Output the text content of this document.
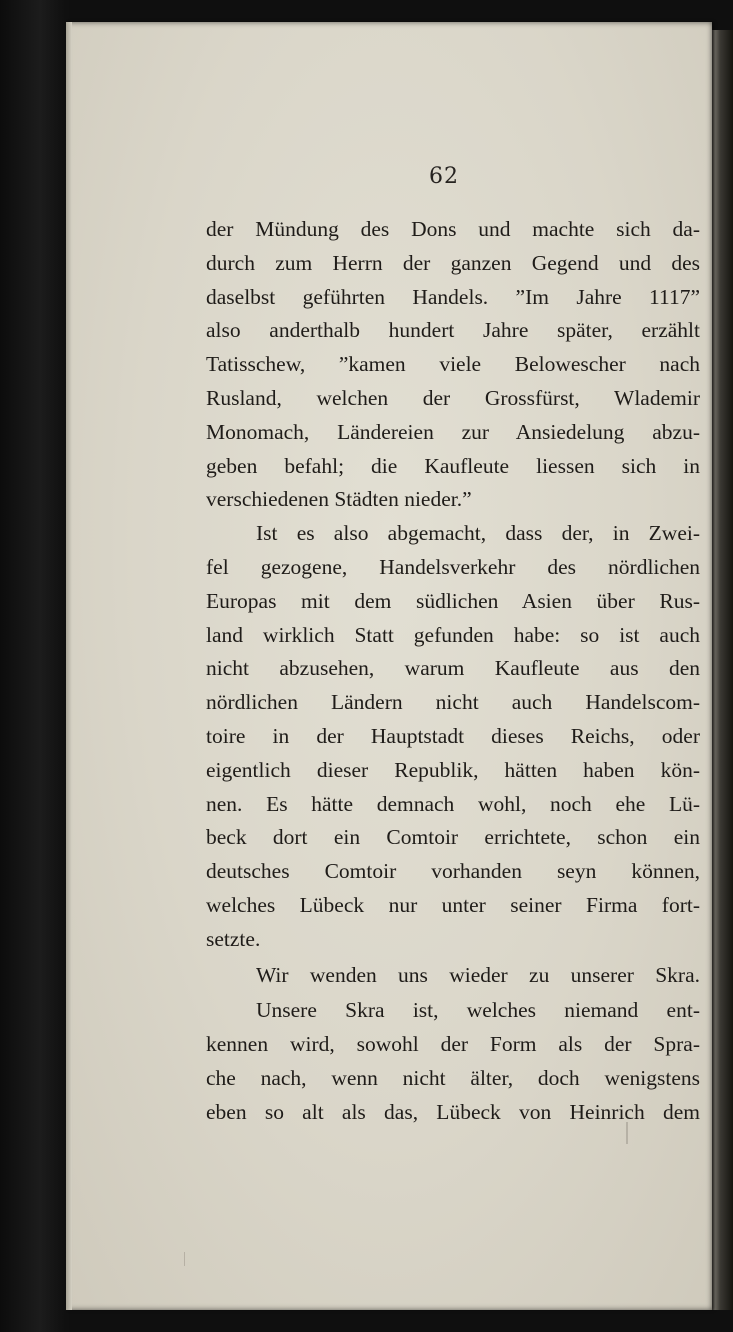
62
der Mündung des Dons und machte sich da-
durch zum Herrn der ganzen Gegend und des
daselbst geführten Handels. ”Im Jahre 1117”
also anderthalb hundert Jahre später, erzählt
Tatisschew, ”kamen viele Belowescher nach
Rusland, welchen der Grossfürst, Wlademir
Monomach, Ländereien zur Ansiedelung abzu-
geben befahl; die Kaufleute liessen sich in
verschiedenen Städten nieder.”
Ist es also abgemacht, dass der, in Zwei-
fel gezogene, Handelsverkehr des nördlichen
Europas mit dem südlichen Asien über Rus-
land wirklich Statt gefunden habe: so ist auch
nicht abzusehen, warum Kaufleute aus den
nördlichen Ländern nicht auch Handelscom-
toire in der Hauptstadt dieses Reichs, oder
eigentlich dieser Republik, hätten haben kön-
nen. Es hätte demnach wohl, noch ehe Lü-
beck dort ein Comtoir errichtete, schon ein
deutsches Comtoir vorhanden seyn können,
welches Lübeck nur unter seiner Firma fort-
setzte.
Wir wenden uns wieder zu unserer Skra.
Unsere Skra ist, welches niemand ent-
kennen wird, sowohl der Form als der Spra-
che nach, wenn nicht älter, doch wenigstens
eben so alt als das, Lübeck von Heinrich dem
